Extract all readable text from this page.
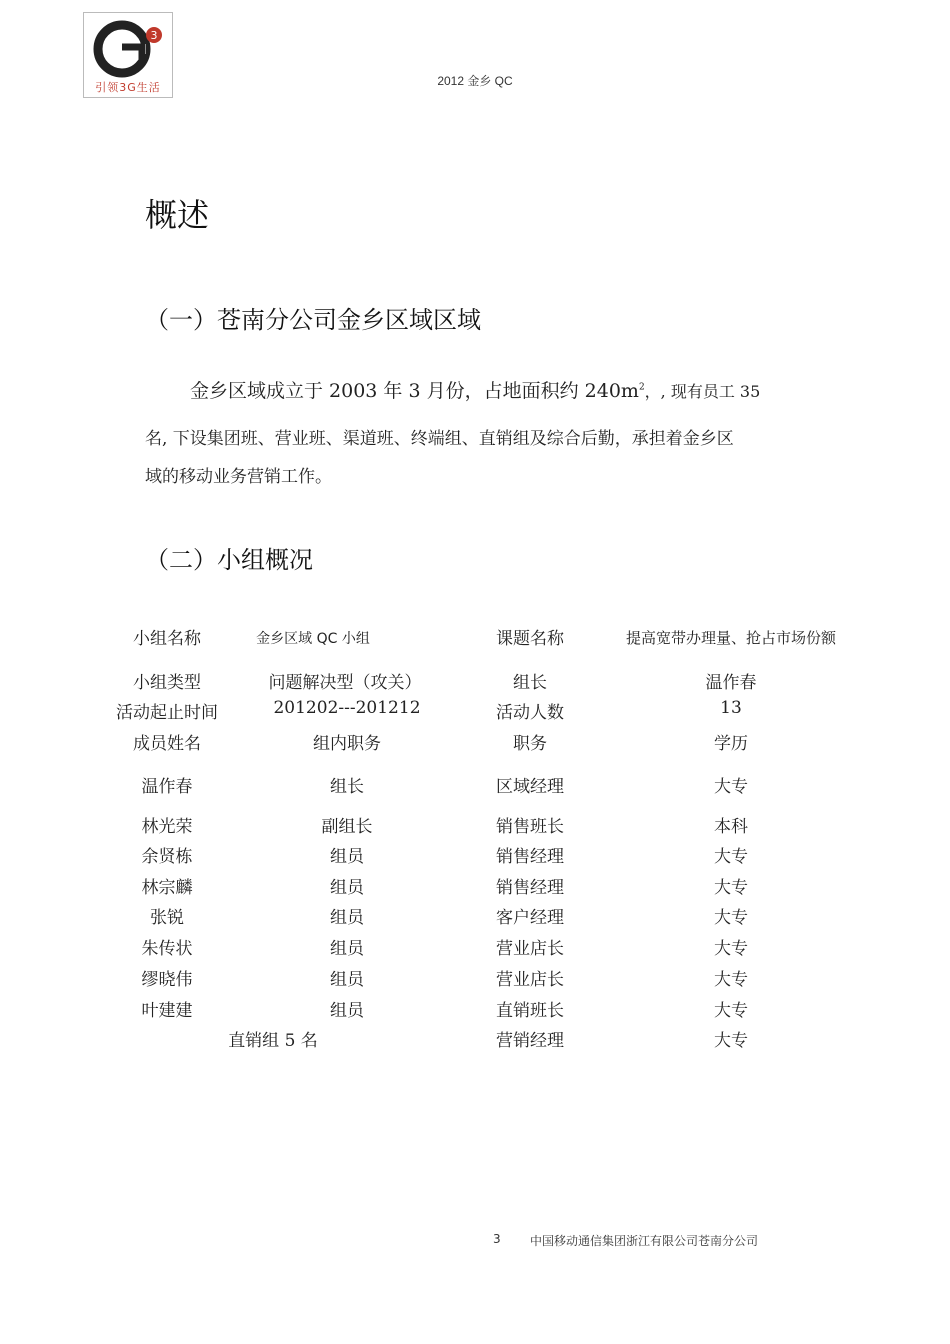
3
引领3G生活	2012 金乡 QC
概述
（一）苍南分公司金乡区域区域
金乡区域成立于 2003 年 3 月份，占地面积约 $240m^2$，, 现有员工 35
名, 下设集团班、营业班、渠道班、终端组、直销组及综合后勤，承担着金乡区
域的移动业务营销工作。
（二）小组概况
小组名称	金乡区域 QC 小组	课题名称	提高宽带办理量、抢占市场份额
小组类型	问题解决型（攻关）	组长	温作春
活动起止时间	201202---201212	活动人数	13
成员姓名	组内职务	职务	学历
温作春	组长	区域经理	大专
林光荣	副组长	销售班长	本科
余贤栋	组员	销售经理	大专
林宗麟	组员	销售经理	大专
张锐	组员	客户经理	大专
朱传状	组员	营业店长	大专
缪晓伟	组员	营业店长	大专
叶建建	组员	直销班长	大专
直销组 5 名	营销经理	大专
3 中国移动通信集团浙江有限公司苍南分公司
